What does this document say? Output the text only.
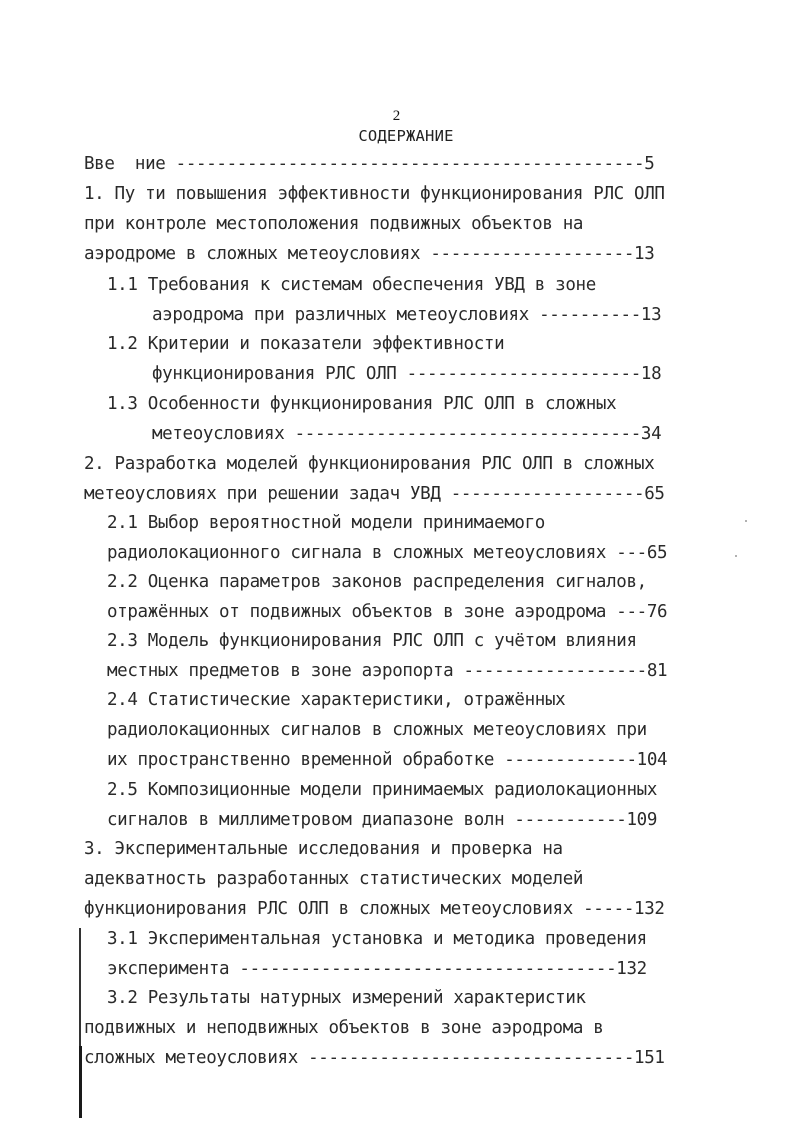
2
СОДЕРЖАНИЕ
Вве  ние ----------------------------------------------5
1. Пу ти повышения эффективности функционирования РЛС ОЛП
при контроле местоположения подвижных объектов на
аэродроме в сложных метеоусловиях --------------------13
1.1 Требования к системам обеспечения УВД в зоне
аэродрома при различных метеоусловиях ----------13
1.2 Критерии и показатели эффективности
функционирования РЛС ОЛП -----------------------18
1.3 Особенности функционирования РЛС ОЛП в сложных
метеоусловиях ----------------------------------34
2. Разработка моделей функционирования РЛС ОЛП в сложных
метеоусловиях при решении задач УВД -------------------65
2.1 Выбор вероятностной модели принимаемого
радиолокационного сигнала в сложных метеоусловиях ---65
2.2 Оценка параметров законов распределения сигналов,
отражённых от подвижных объектов в зоне аэродрома ---76
2.3 Модель функционирования РЛС ОЛП с учётом влияния
местных предметов в зоне аэропорта ------------------81
2.4 Статистические характеристики, отражённых
радиолокационных сигналов в сложных метеоусловиях при
их пространственно временной обработке -------------104
2.5 Композиционные модели принимаемых радиолокационных
сигналов в миллиметровом диапазоне волн -----------109
3. Экспериментальные исследования и проверка на
адекватность разработанных статистических моделей
функционирования РЛС ОЛП в сложных метеоусловиях -----132
3.1 Экспериментальная установка и методика проведения
эксперимента -------------------------------------132
3.2 Результаты натурных измерений характеристик
подвижных и неподвижных объектов в зоне аэродрома в
сложных метеоусловиях --------------------------------151
